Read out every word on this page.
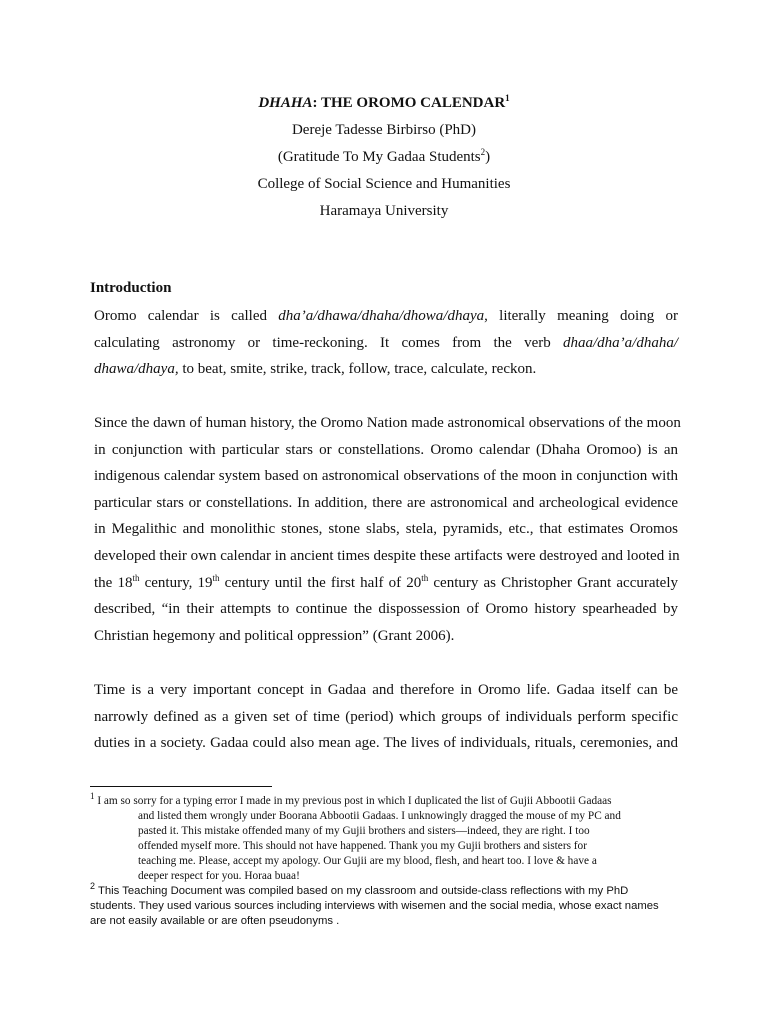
DHAHA: THE OROMO CALENDAR$^1$
Dereje Tadesse Birbirso (PhD)
(Gratitude To My Gadaa Students$^2$)
College of Social Science and Humanities
Haramaya University
Introduction
Oromo calendar is called dha’a/dhawa/dhaha/dhowa/dhaya, literally meaning doing or
calculating astronomy or time-reckoning. It comes from the verb dhaa/dha’a/dhaha/
dhawa/dhaya, to beat, smite, strike, track, follow, trace, calculate, reckon.
Since the dawn of human history, the Oromo Nation made astronomical observations of the moon
in conjunction with particular stars or constellations. Oromo calendar (Dhaha Oromoo) is an
indigenous calendar system based on astronomical observations of the moon in conjunction with
particular stars or constellations. In addition, there are astronomical and archeological evidence
in Megalithic and monolithic stones, stone slabs, stela, pyramids, etc., that estimates Oromos
developed their own calendar in ancient times despite these artifacts were destroyed and looted in
the 18th century, 19th century until the first half of 20th century as Christopher Grant accurately
described, “in their attempts to continue the dispossession of Oromo history spearheaded by
Christian hegemony and political oppression” (Grant 2006).
Time is a very important concept in Gadaa and therefore in Oromo life. Gadaa itself can be
narrowly defined as a given set of time (period) which groups of individuals perform specific
duties in a society. Gadaa could also mean age. The lives of individuals, rituals, ceremonies, and
$^1$ I am so sorry for a typing error I made in my previous post in which I duplicated the list of Gujii Abbootii Gadaas
and listed them wrongly under Boorana Abbootii Gadaas. I unknowingly dragged the mouse of my PC and
pasted it. This mistake offended many of my Gujii brothers and sisters—indeed, they are right. I too
offended myself more. This should not have happened. Thank you my Gujii brothers and sisters for
teaching me. Please, accept my apology. Our Gujii are my blood, flesh, and heart too. I love & have a
deeper respect for you. Horaa buaa!
$^2$ This Teaching Document was compiled based on my classroom and outside-class reflections with my PhD
students. They used various sources including interviews with wisemen and the social media, whose exact names
are not easily available or are often pseudonyms .
